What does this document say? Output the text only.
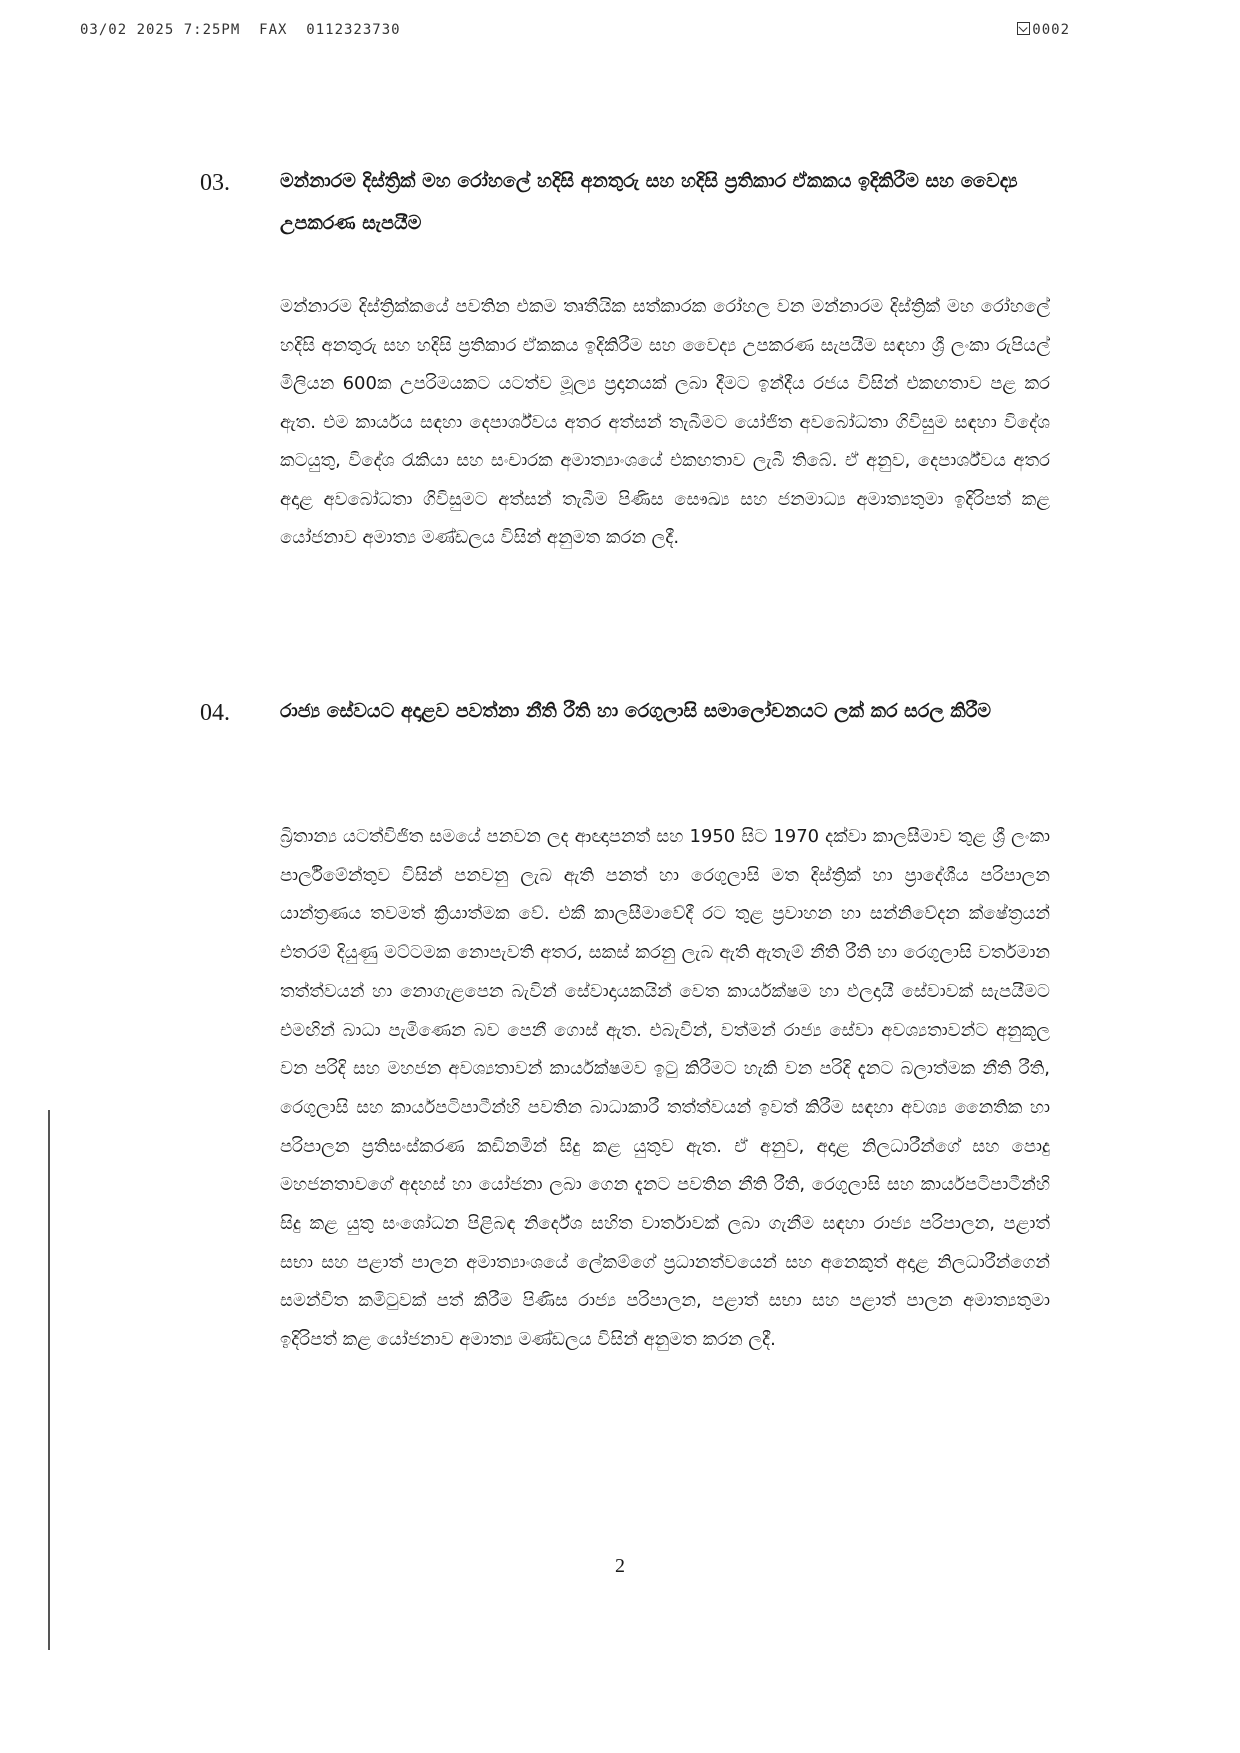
03/02 2025 7:25PM  FAX  0112323730	0002
03.	මන්නාරම දිස්ත්‍රික් මහ රෝහලේ හදිසි අනතුරු සහ හදිසි ප්‍රතිකාර ඒකකය ඉදිකිරීම සහ වෛද්‍ය උපකරණ සැපයීම
මන්නාරම දිස්ත්‍රික්කයේ පවතින එකම තෘතීයික සත්කාරක රෝහල වන මන්නාරම දිස්ත්‍රික් මහ රෝහලේ හදිසි අනතුරු සහ හදිසි ප්‍රතිකාර ඒකකය ඉදිකිරීම සහ වෛද්‍ය උපකරණ සැපයීම සඳහා ශ්‍රී ලංකා රුපියල් මිලියන 600ක උපරිමයකට යටත්ව මූල්‍ය ප්‍රදානයක් ලබා දීමට ඉන්දීය රජය විසින් එකඟතාව පළ කර ඇත. එම කාර්යය සඳහා දෙපාර්ශ්වය අතර අත්සන් තැබීමට යෝජිත අවබෝධතා ගිවිසුම සඳහා විදේශ කටයුතු, විදේශ රැකියා සහ සංචාරක අමාත්‍යාංශයේ එකඟතාව ලැබී තිබේ. ඒ අනුව, දෙපාර්ශ්වය අතර අදාළ අවබෝධතා ගිවිසුමට අත්සන් තැබීම පිණිස සෞඛ්‍ය සහ ජනමාධ්‍ය අමාත්‍යතුමා ඉදිරිපත් කළ යෝජනාව අමාත්‍ය මණ්ඩලය විසින් අනුමත කරන ලදී.
04.	රාජ්‍ය සේවයට අදාළව පවත්නා නීති රීති හා රෙගුලාසි සමාලෝචනයට ලක් කර සරල කිරීම
බ්‍රිතාන්‍ය යටත්විජිත සමයේ පනවන ලද ආඥාපනත් සහ 1950 සිට 1970 දක්වා කාලසීමාව තුළ ශ්‍රී ලංකා පාර්ලිමේන්තුව විසින් පනවනු ලැබ ඇති පනත් හා රෙගුලාසි මත දිස්ත්‍රික් හා ප්‍රාදේශීය පරිපාලන යාන්ත්‍රණය තවමත් ක්‍රියාත්මක වේ. එකී කාලසීමාවේදී රට තුළ ප්‍රවාහන හා සන්නිවේදන ක්ෂේත්‍රයන් එතරම් දියුණු මට්ටමක නොපැවති අතර, සකස් කරනු ලැබ ඇති ඇතැම් නීති රීති හා රෙගුලාසි වර්තමාන තත්ත්වයන් හා නොගැළපෙන බැවින් සේවාදායකයින් වෙත කාර්යක්ෂම හා ඵලදායී සේවාවක් සැපයීමට එමඟින් බාධා පැමිණෙන බව පෙනී ගොස් ඇත. එබැවින්, වත්මන් රාජ්‍ය සේවා අවශ්‍යතාවන්ට අනුකූල වන පරිදි සහ මහජන අවශ්‍යතාවන් කාර්යක්ෂමව ඉටු කිරීමට හැකි වන පරිදි දැනට බලාත්මක නීති රීති, රෙගුලාසි සහ කාර්යපටිපාටීන්හි පවතින බාධාකාරී තත්ත්වයන් ඉවත් කිරීම සඳහා අවශ්‍ය නෛතික හා පරිපාලන ප්‍රතිසංස්කරණ කඩිනමින් සිදු කළ යුතුව ඇත. ඒ අනුව, අදාළ නිලධාරීන්ගේ සහ පොදු මහජනතාවගේ අදහස් හා යෝජනා ලබා ගෙන දැනට පවතින නීති රීති, රෙගුලාසි සහ කාර්යපටිපාටීන්හි සිදු කළ යුතු සංශෝධන පිළිබඳ නිර්දේශ සහිත වාර්තාවක් ලබා ගැනීම සඳහා රාජ්‍ය පරිපාලන, පළාත් සභා සහ පළාත් පාලන අමාත්‍යාංශයේ ලේකම්ගේ ප්‍රධානත්වයෙන් සහ අනෙකුත් අදාළ නිලධාරීන්ගෙන් සමන්විත කමිටුවක් පත් කිරීම පිණිස රාජ්‍ය පරිපාලන, පළාත් සභා සහ පළාත් පාලන අමාත්‍යතුමා ඉදිරිපත් කළ යෝජනාව අමාත්‍ය මණ්ඩලය විසින් අනුමත කරන ලදී.
2
